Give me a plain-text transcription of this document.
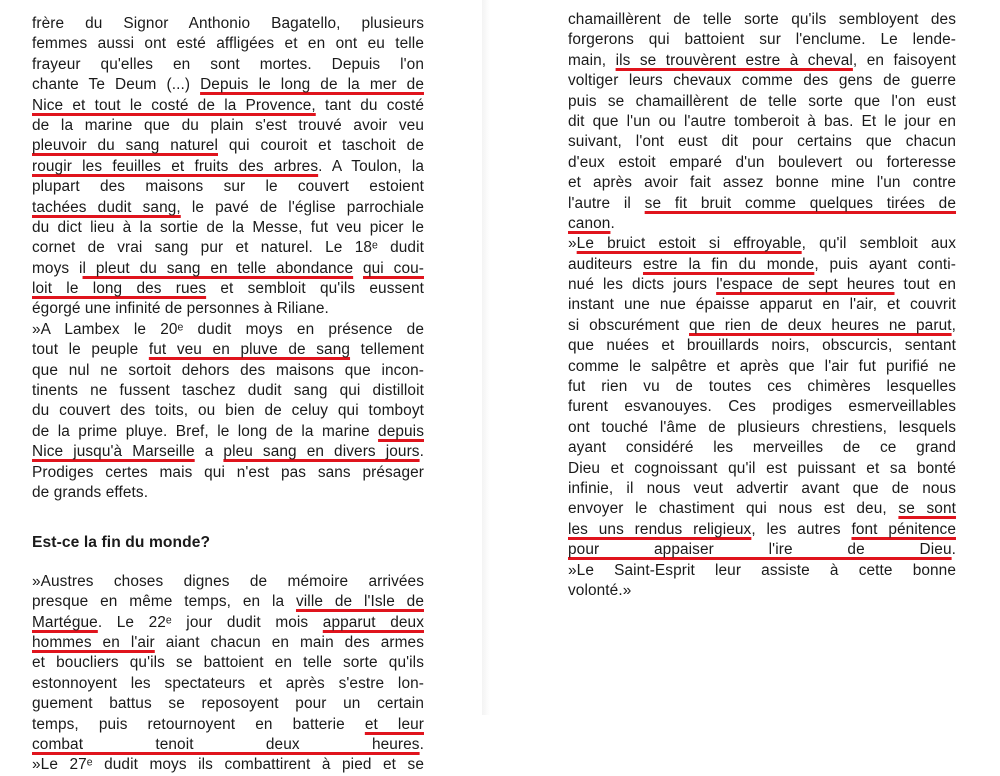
frère du Signor Anthonio Bagatello, plusieurs
femmes aussi ont esté affligées et en ont eu telle
frayeur qu'elles en sont mortes. Depuis l'on
chante Te Deum (...) Depuis le long de la mer de
Nice et tout le costé de la Provence, tant du costé
de la marine que du plain s'est trouvé avoir veu
pleuvoir du sang naturel qui couroit et taschoit de
rougir les feuilles et fruits des arbres. A Toulon, la
plupart des maisons sur le couvert estoient
tachées dudit sang, le pavé de l'église parrochiale
du dict lieu à la sortie de la Messe, fut veu picer le
cornet de vrai sang pur et naturel. Le 18ᵉ dudit
moys il pleut du sang en telle abondance qui cou-
loit le long des rues et sembloit qu'ils eussent
égorgé une infinité de personnes à Riliane.
»A Lambex le 20ᵉ dudit moys en présence de
tout le peuple fut veu en pluve de sang tellement
que nul ne sortoit dehors des maisons que incon-
tinents ne fussent taschez dudit sang qui distilloit
du couvert des toits, ou bien de celuy qui tomboyt
de la prime pluye. Bref, le long de la marine depuis
Nice jusqu'à Marseille a pleu sang en divers jours.
Prodiges certes mais qui n'est pas sans présager
de grands effets.
Est-ce la fin du monde?
»Austres choses dignes de mémoire arrivées
presque en même temps, en la ville de l'Isle de
Martégue. Le 22ᵉ jour dudit mois apparut deux
hommes en l'air aiant chacun en main des armes
et boucliers qu'ils se battoient en telle sorte qu'ils
estonnoyent les spectateurs et après s'estre lon-
guement battus se reposoyent pour un certain
temps, puis retournoyent en batterie et leur
combat tenoit deux heures.
»Le 27ᵉ dudit moys ils combattirent à pied et se
chamaillèrent de telle sorte qu'ils sembloyent des
forgerons qui battoient sur l'enclume. Le lende-
main, ils se trouvèrent estre à cheval, en faisoyent
voltiger leurs chevaux comme des gens de guerre
puis se chamaillèrent de telle sorte que l'on eust
dit que l'un ou l'autre tomberoit à bas. Et le jour en
suivant, l'ont eust dit pour certains que chacun
d'eux estoit emparé d'un boulevert ou forteresse
et après avoir fait assez bonne mine l'un contre
l'autre il se fit bruit comme quelques tirées de
canon.
»Le bruict estoit si effroyable, qu'il sembloit aux
auditeurs estre la fin du monde, puis ayant conti-
nué les dicts jours l'espace de sept heures tout en
instant une nue épaisse apparut en l'air, et couvrit
si obscurément que rien de deux heures ne parut,
que nuées et brouillards noirs, obscurcis, sentant
comme le salpêtre et après que l'air fut purifié ne
fut rien vu de toutes ces chimères lesquelles
furent esvanouyes. Ces prodiges esmerveillables
ont touché l'âme de plusieurs chrestiens, lesquels
ayant considéré les merveilles de ce grand
Dieu et cognoissant qu'il est puissant et sa bonté
infinie, il nous veut advertir avant que de nous
envoyer le chastiment qui nous est deu, se sont
les uns rendus religieux, les autres font pénitence
pour appaiser l'ire de Dieu.
»Le Saint-Esprit leur assiste à cette bonne
volonté.»
